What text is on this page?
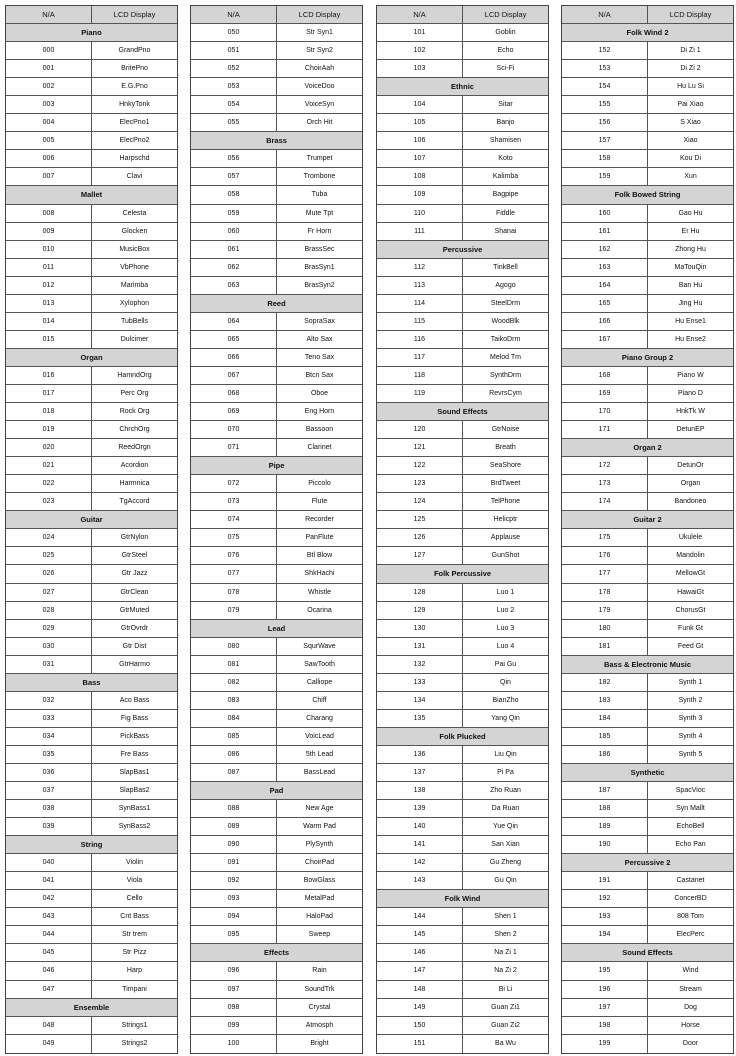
N/A	LCD Display
Piano
000	GrandPno
001	BritePno
002	E.G.Pno
003	HnkyTonk
004	ElecPno1
005	ElecPno2
006	Harpschd
007	Clavi
Mallet
008	Celesta
009	Glocken
010	MusicBox
011	VbPhone
012	Marimba
013	Xylophon
014	TubBells
015	Dulcimer
Organ
016	HamndOrg
017	Perc Org
018	Rock Org
019	ChrchOrg
020	ReedOrgn
021	Acordion
022	Harmnica
023	TgAccord
Guitar
024	GtrNylon
025	GtrSteel
026	Gtr Jazz
027	GtrClean
028	GtrMuted
029	GtrOvrdr
030	Gtr Dist
031	GtrHarmo
Bass
032	Aco Bass
033	Fig Bass
034	PickBass
035	Fre Bass
036	SlapBas1
037	SlapBas2
038	SynBass1
039	SynBass2
String
040	Violin
041	Viola
042	Cello
043	Cnt Bass
044	Str trem
045	Str Pizz
046	Harp
047	Timpani
Ensemble
048	Strings1
049	Strings2
N/A	LCD Display
050	Str Syn1
051	Str Syn2
052	ChoirAah
053	VoiceDoo
054	VoiceSyn
055	Orch Hit
Brass
056	Trumpet
057	Trombone
058	Tuba
059	Mute Tpt
060	Fr Horn
061	BrassSec
062	BrasSyn1
063	BrasSyn2
Reed
064	SopraSax
065	Alto Sax
066	Teno Sax
067	Btcn Sax
068	Oboe
069	Eng Horn
070	Bassoon
071	Clarinet
Pipe
072	Piccolo
073	Flute
074	Recorder
075	PanFlute
076	Btl Blow
077	ShkHachi
078	Whistle
079	Ocarina
Lead
080	SqurWave
081	SawTooth
082	Calliope
083	Chiff
084	Charang
085	VoicLead
086	5th Lead
087	BassLead
Pad
088	New Age
089	Warm Pad
090	PlySynth
091	ChoirPad
092	BowGlass
093	MetalPad
094	HaloPad
095	Sweep
Effects
096	Rain
097	SoundTrk
098	Crystal
099	Atmosph
100	Bright
N/A	LCD Display
101	Goblin
102	Echo
103	Sci-Fi
Ethnic
104	Sitar
105	Banjo
106	Shamisen
107	Koto
108	Kalimba
109	Bagpipe
110	Fiddle
111	Shanai
Percussive
112	TinkBell
113	Agogo
114	SteelDrm
115	WoodBlk
116	TaikoDrm
117	Melod Tm
118	SynthDrm
119	RevrsCym
Sound Effects
120	GtrNoise
121	Breath
122	SeaShore
123	BrdTweet
124	TelPhone
125	Helicptr
126	Applause
127	GunShot
Folk Percussive
128	Luo 1
129	Luo 2
130	Luo 3
131	Luo 4
132	Pai Gu
133	Qin
134	BianZho
135	Yang Qin
Folk Plucked
136	Liu Qin
137	Pi Pa
138	Zho Ruan
139	Da Ruan
140	Yue Qin
141	San Xian
142	Gu Zheng
143	Gu Qin
Folk Wind
144	Shen 1
145	Shen 2
146	Na Zi 1
147	Na Zi 2
148	Bi Li
149	Guan Zi1
150	Guan Zi2
151	Ba Wu
N/A	LCD Display
Folk Wind 2
152	Di Zi 1
153	Di Zi 2
154	Hu Lu Si
155	Pai Xiao
156	S Xiao
157	Xiao
158	Kou Di
159	Xun
Folk Bowed String
160	Gao Hu
161	Er Hu
162	Zhong Hu
163	MaTouQin
164	Ban Hu
165	Jing Hu
166	Hu Ense1
167	Hu Ense2
Piano Group 2
168	Piano W
169	Piano D
170	HnkTk W
171	DetunEP
Organ 2
172	DetunOr
173	Organ
174	Bandoneo
Guitar 2
175	Ukulele
176	Mandolin
177	MellowGt
178	HawaiGt
179	ChorusGt
180	Funk Gt
181	Feed Gt
Bass & Electronic Music
182	Synth 1
183	Synth 2
184	Synth 3
185	Synth 4
186	Synth 5
Synthetic
187	SpacVioc
188	Syn Mallt
189	EchoBell
190	Echo Pan
Percussive 2
191	Castanet
192	ConcerBD
193	808 Tom
194	ElecPerc
Sound Effects
195	Wind
196	Stream
197	Dog
198	Horse
199	Door
